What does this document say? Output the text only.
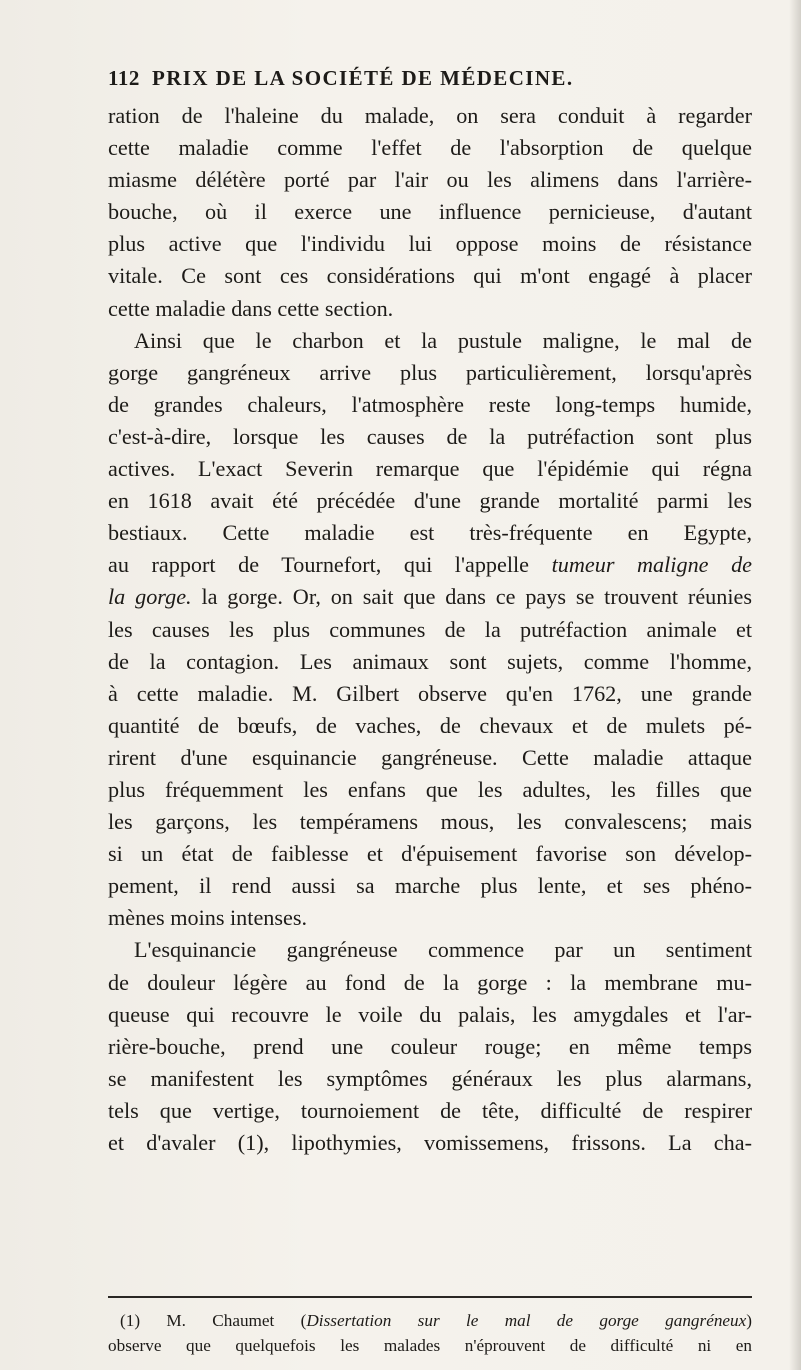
112 PRIX DE LA SOCIÉTÉ DE MÉDECINE.
ration de l'haleine du malade, on sera conduit à regarder
cette maladie comme l'effet de l'absorption de quelque
miasme délétère porté par l'air ou les alimens dans l'arrière-
bouche, où il exerce une influence pernicieuse, d'autant
plus active que l'individu lui oppose moins de résistance
vitale. Ce sont ces considérations qui m'ont engagé à placer
cette maladie dans cette section.
Ainsi que le charbon et la pustule maligne, le mal de
gorge gangréneux arrive plus particulièrement, lorsqu'après
de grandes chaleurs, l'atmosphère reste long-temps humide,
c'est-à-dire, lorsque les causes de la putréfaction sont plus
actives. L'exact Severin remarque que l'épidémie qui régna
en 1618 avait été précédée d'une grande mortalité parmi les
bestiaux. Cette maladie est très-fréquente en Egypte,
au rapport de Tournefort, qui l'appelle tumeur maligne de
la gorge. la gorge. Or, on sait que dans ce pays se trouvent réunies
les causes les plus communes de la putréfaction animale et
de la contagion. Les animaux sont sujets, comme l'homme,
à cette maladie. M. Gilbert observe qu'en 1762, une grande
quantité de bœufs, de vaches, de chevaux et de mulets pé-
rirent d'une esquinancie gangréneuse. Cette maladie attaque
plus fréquemment les enfans que les adultes, les filles que
les garçons, les tempéramens mous, les convalescens; mais
si un état de faiblesse et d'épuisement favorise son dévelop-
pement, il rend aussi sa marche plus lente, et ses phéno-
mènes moins intenses.
L'esquinancie gangréneuse commence par un sentiment
de douleur légère au fond de la gorge : la membrane mu-
queuse qui recouvre le voile du palais, les amygdales et l'ar-
rière-bouche, prend une couleur rouge; en même temps
se manifestent les symptômes généraux les plus alarmans,
tels que vertige, tournoiement de tête, difficulté de respirer
et d'avaler (1), lipothymies, vomissemens, frissons. La cha-
(1) M. Chaumet (Dissertation sur le mal de gorge gangréneux)
observe que quelquefois les malades n'éprouvent de difficulté ni en
